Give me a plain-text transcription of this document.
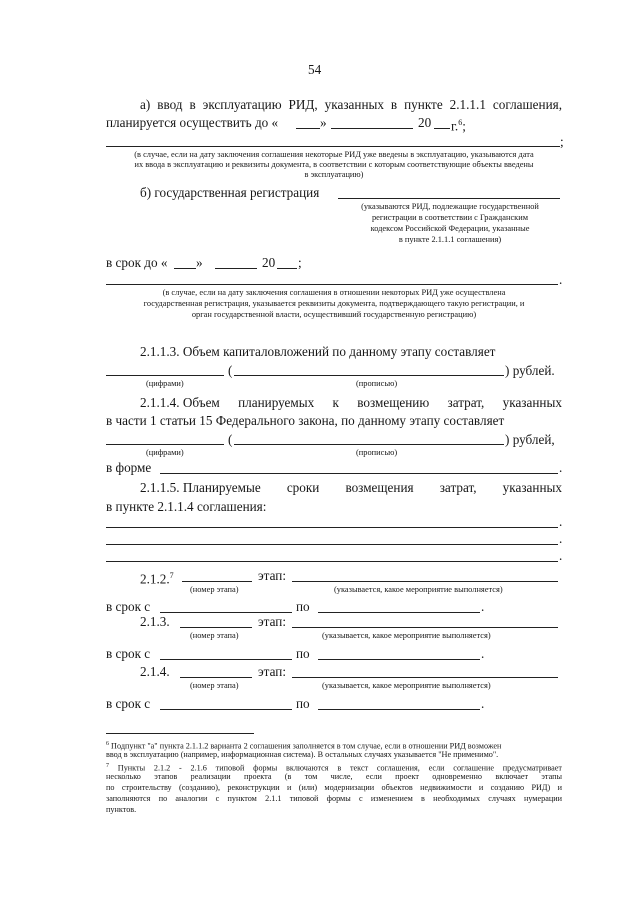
54
а) ввод в эксплуатацию РИД, указанных в пункте 2.1.1.1 соглашения,
планируется осуществить до «	»	20 г.$^6$;
;
(в случае, если на дату заключения соглашения некоторые РИД уже введены в эксплуатацию, указываются дата
их ввода в эксплуатацию и реквизиты документа, в соответствии с которым соответствующие объекты введены
в эксплуатацию)
б) государственная регистрация
(указываются РИД, подлежащие государственной
регистрации в соответствии с Гражданским
кодексом Российской Федерации, указанные
в пункте 2.1.1.1 соглашения)
в срок до « »	20 ;
.
(в случае, если на дату заключения соглашения в отношении некоторых РИД уже осуществлена
государственная регистрация, указывается реквизиты документа, подтверждающего такую регистрации, и
орган государственной власти, осуществивший государственную регистрацию)
2.1.1.3. Объем капиталовложений по данному этапу составляет
(	) рублей.
(цифрами)	(прописью)
2.1.1.4. Объем планируемых к возмещению затрат, указанных
в части 1 статьи 15 Федерального закона, по данному этапу составляет
(	) рублей,
(цифрами)	(прописью)
в форме	.
2.1.1.5. Планируемые сроки возмещения затрат, указанных
в пункте 2.1.1.4 соглашения:
.
.
.
2.1.2.$^7$	этап:
(номер этапа)	(указывается, какое мероприятие выполняется)
в срок с	по	.
2.1.3.	этап:
(номер этапа)	(указывается, какое мероприятие выполняется)
в срок с	по	.
2.1.4.	этап:
(номер этапа)	(указывается, какое мероприятие выполняется)
в срок с	по	.
$^6$ Подпункт "а" пункта 2.1.1.2 варианта 2 соглашения заполняется в том случае, если в отношении РИД возможен
ввод в эксплуатацию (например, информационная система). В остальных случаях указывается "Не применимо".
$^7$ Пункты 2.1.2 - 2.1.6 типовой формы включаются в текст соглашения, если соглашение предусматривает
несколько этапов реализации проекта (в том числе, если проект одновременно включает этапы
по строительству (созданию), реконструкции и (или) модернизации объектов недвижимости и созданию РИД) и
заполняются по аналогии с пунктом 2.1.1 типовой формы с изменением в необходимых случаях нумерации
пунктов.
